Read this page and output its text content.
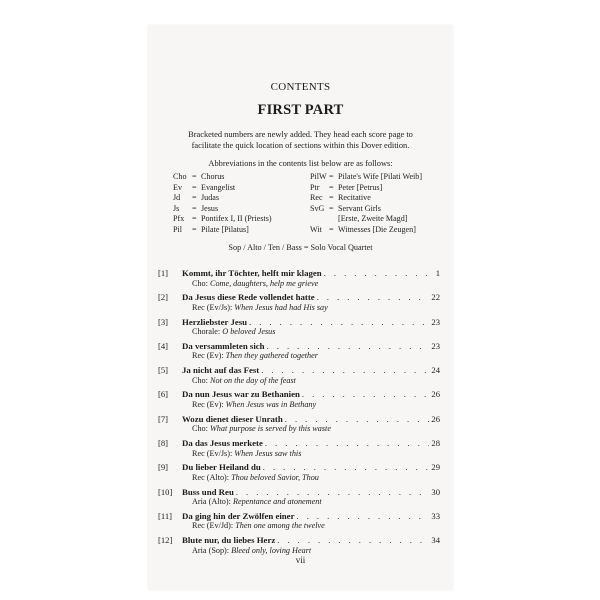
CONTENTS
FIRST PART
Bracketed numbers are newly added. They head each score page to facilitate the quick location of sections within this Dover edition.
Abbreviations in the contents list below are as follows:
Cho = Chorus
Ev	= Evangelist
Jd	= Judas
Js	= Jesus
Pfx = Pontifex I, II (Priests)
Pil	= Pilate [Pilatus]
PilW = Pilate's Wife [Pilati Weib]
Ptr	= Peter [Petrus]
Rec = Recitative
SvG = Servant Girls
[Erste, Zweite Magd]
Wit = Witnesses [Die Zeugen]
Sop / Alto / Ten / Bass = Solo Vocal Quartet
[1]	Kommt, ihr Töchter, helft mir klagen . . .	1
Cho: Come, daughters, help me grieve
[2]	Da Jesus diese Rede vollendet hatte . . .	22
Rec (Ev/Js): When Jesus had had His say
[3]	Herzliebster Jesu . . .	23
Chorale: O beloved Jesus
[4]	Da versammleten sich . . .	23
Rec (Ev): Then they gathered together
[5]	Ja nicht auf das Fest . . .	24
Cho: Not on the day of the feast
[6]	Da nun Jesus war zu Bethanien . . .	26
Rec (Ev): When Jesus was in Bethany
[7]	Wozu dienet dieser Unrath . . .	26
Cho: What purpose is served by this waste
[8]	Da das Jesus merkete . . .	28
Rec (Ev/Js): When Jesus saw this
[9]	Du lieber Heiland du . . .	29
Rec (Alto): Thou beloved Savior, Thou
[10]	Buss und Reu . . .	30
Aria (Alto): Repentance and atonement
[11]	Da ging hin der Zwölfen einer . . .	33
Rec (Ev/Jd): Then one among the twelve
[12]	Blute nur, du liebes Herz . . .	34
Aria (Sop): Bleed only, loving Heart
vii
